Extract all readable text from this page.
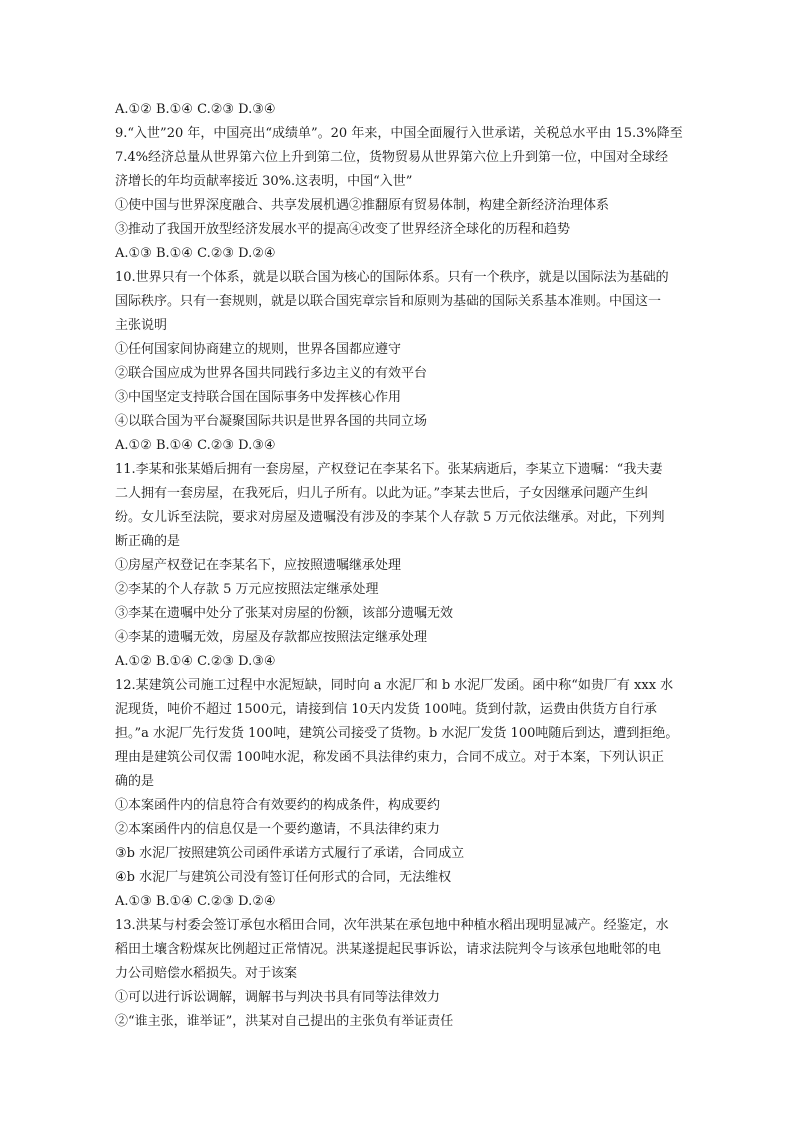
A.①② B.①④ C.②③ D.③④
9.“入世”20 年，中国亮出“成绩单”。20 年来，中国全面履行入世承诺，关税总水平由 15.3%降至
7.4%经济总量从世界第六位上升到第二位，货物贸易从世界第六位上升到第一位，中国对全球经
济增长的年均贡献率接近 30%.这表明，中国“入世”
①使中国与世界深度融合、共享发展机遇②推翻原有贸易体制，构建全新经济治理体系
③推动了我国开放型经济发展水平的提高④改变了世界经济全球化的历程和趋势
A.①③ B.①④ C.②③ D.②④
10.世界只有一个体系，就是以联合国为核心的国际体系。只有一个秩序，就是以国际法为基础的
国际秩序。只有一套规则，就是以联合国宪章宗旨和原则为基础的国际关系基本准则。中国这一
主张说明
①任何国家间协商建立的规则，世界各国都应遵守
②联合国应成为世界各国共同践行多边主义的有效平台
③中国坚定支持联合国在国际事务中发挥核心作用
④以联合国为平台凝聚国际共识是世界各国的共同立场
A.①② B.①④ C.②③ D.③④
11.李某和张某婚后拥有一套房屋，产权登记在李某名下。张某病逝后，李某立下遗嘱：“我夫妻
二人拥有一套房屋，在我死后，归儿子所有。以此为证。”李某去世后，子女因继承问题产生纠
纷。女儿诉至法院，要求对房屋及遗嘱没有涉及的李某个人存款 5 万元依法继承。对此，下列判
断正确的是
①房屋产权登记在李某名下，应按照遗嘱继承处理
②李某的个人存款 5 万元应按照法定继承处理
③李某在遗嘱中处分了张某对房屋的份额，该部分遗嘱无效
④李某的遗嘱无效，房屋及存款都应按照法定继承处理
A.①② B.①④ C.②③ D.③④
12.某建筑公司施工过程中水泥短缺，同时向 a 水泥厂和 b 水泥厂发函。函中称“如贵厂有 xxx 水
泥现货，吨价不超过 1500元，请接到信 10天内发货 100吨。货到付款，运费由供货方自行承
担。”a 水泥厂先行发货 100吨，建筑公司接受了货物。b 水泥厂发货 100吨随后到达，遭到拒绝。
理由是建筑公司仅需 100吨水泥，称发函不具法律约束力，合同不成立。对于本案，下列认识正
确的是
①本案函件内的信息符合有效要约的构成条件，构成要约
②本案函件内的信息仅是一个要约邀请，不具法律约束力
③b 水泥厂按照建筑公司函件承诺方式履行了承诺，合同成立
④b 水泥厂与建筑公司没有签订任何形式的合同，无法维权
A.①③ B.①④ C.②③ D.②④
13.洪某与村委会签订承包水稻田合同，次年洪某在承包地中种植水稻出现明显减产。经鉴定，水
稻田土壤含粉煤灰比例超过正常情况。洪某遂提起民事诉讼，请求法院判令与该承包地毗邻的电
力公司赔偿水稻损失。对于该案
①可以进行诉讼调解，调解书与判决书具有同等法律效力
②“谁主张，谁举证”，洪某对自己提出的主张负有举证责任
